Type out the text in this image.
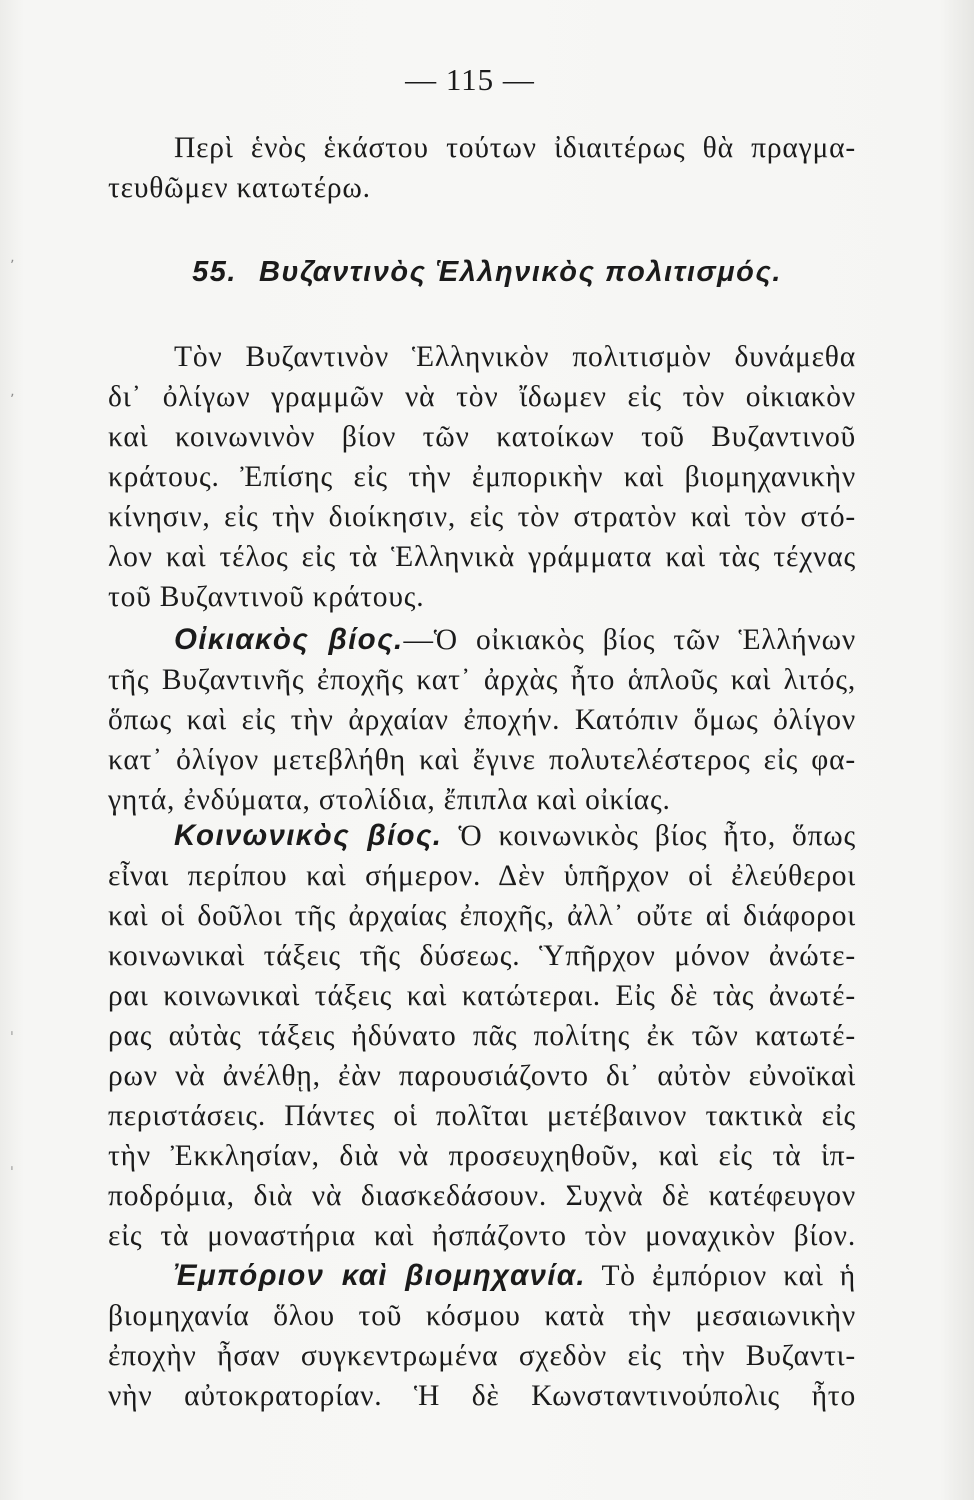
ʼ
ʼ
ˈ
ˈ
— 115 —
Περὶ ἑνὸς ἑκάστου τούτων ἰδιαιτέρως θὰ πραγμα-
τευθῶμεν κατωτέρω.
55. Βυζαντινὸς Ἑλληνικὸς πολιτισμός.
Τὸν Βυζαντινὸν Ἑλληνικὸν πολιτισμὸν δυνάμεθα
δι᾽ ὀλίγων γραμμῶν νὰ τὸν ἴδωμεν εἰς τὸν οἰκιακὸν
καὶ κοινωνινὸν βίον τῶν κατοίκων τοῦ Βυζαντινοῦ
κράτους. Ἐπίσης εἰς τὴν ἐμπορικὴν καὶ βιομηχανικὴν
κίνησιν, εἰς τὴν διοίκησιν, εἰς τὸν στρατὸν καὶ τὸν στό-
λον καὶ τέλος εἰς τὰ Ἑλληνικὰ γράμματα καὶ τὰς τέχνας
τοῦ Βυζαντινοῦ κράτους.
Οἰκιακὸς βίος.—Ὁ οἰκιακὸς βίος τῶν Ἑλλήνων
τῆς Βυζαντινῆς ἐποχῆς κατ᾽ ἀρχὰς ἦτο ἁπλοῦς καὶ λιτός,
ὅπως καὶ εἰς τὴν ἀρχαίαν ἐποχήν. Κατόπιν ὅμως ὀλίγον
κατ᾽ ὀλίγον μετεβλήθη καὶ ἔγινε πολυτελέστερος εἰς φα-
γητά, ἐνδύματα, στολίδια, ἔπιπλα καὶ οἰκίας.
Κοινωνικὸς βίος. Ὁ κοινωνικὸς βίος ἦτο, ὅπως
εἶναι περίπου καὶ σήμερον. Δὲν ὑπῆρχον οἱ ἐλεύθεροι
καὶ οἱ δοῦλοι τῆς ἀρχαίας ἐποχῆς, ἀλλ᾽ οὔτε αἱ διάφοροι
κοινωνικαὶ τάξεις τῆς δύσεως. Ὑπῆρχον μόνον ἀνώτε-
ραι κοινωνικαὶ τάξεις καὶ κατώτεραι. Εἰς δὲ τὰς ἀνωτέ-
ρας αὐτὰς τάξεις ἠδύνατο πᾶς πολίτης ἐκ τῶν κατωτέ-
ρων νὰ ἀνέλθῃ, ἐὰν παρουσιάζοντο δι᾽ αὐτὸν εὐνοϊκαὶ
περιστάσεις. Πάντες οἱ πολῖται μετέβαινον τακτικὰ εἰς
τὴν Ἐκκλησίαν, διὰ νὰ προσευχηθοῦν, καὶ εἰς τὰ ἱπ-
ποδρόμια, διὰ νὰ διασκεδάσουν. Συχνὰ δὲ κατέφευγον
εἰς τὰ μοναστήρια καὶ ἠσπάζοντο τὸν μοναχικὸν βίον.
Ἐμπόριον καὶ βιομηχανία. Τὸ ἐμπόριον καὶ ἡ
βιομηχανία ὅλου τοῦ κόσμου κατὰ τὴν μεσαιωνικὴν
ἐποχὴν ἦσαν συγκεντρωμένα σχεδὸν εἰς τὴν Βυζαντι-
νὴν αὐτοκρατορίαν. Ἡ δὲ Κωνσταντινούπολις ἦτο
